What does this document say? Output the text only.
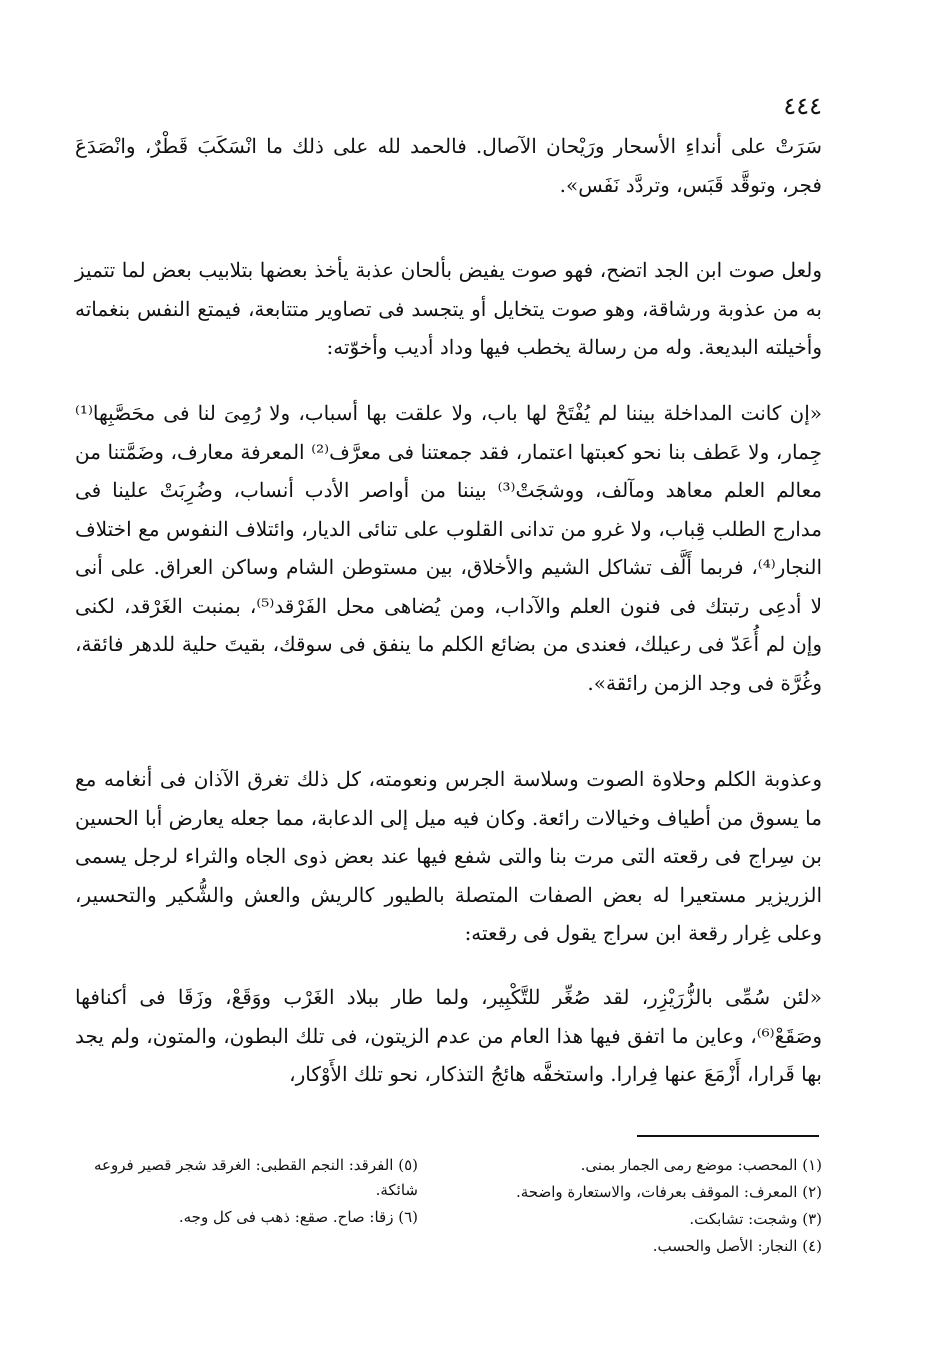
٤٤٤

سَرَتْ على أنداءِ الأسحار ورَيْحان الآصال. فالحمد لله على ذلك ما انْسَكَبَ قَطْرٌ، وانْصَدَعَ فجر، وتوقَّد قَبَس، وتردَّد نَفَس».

ولعل صوت ابن الجد اتضح، فهو صوت يفيض بألحان عذبة يأخذ بعضها بتلابيب بعض لما تتميز به من عذوبة ورشاقة، وهو صوت يتخايل أو يتجسد فى تصاوير متتابعة، فيمتع النفس بنغماته وأخيلته البديعة. وله من رسالة يخطب فيها وداد أديب وأخوّته:

«إن كانت المداخلة بيننا لم يُفْتَحْ لها باب، ولا علقت بها أسباب، ولا رُمِىَ لنا فى محَصَّبِها⁽¹⁾ جِمار، ولا عَطف بنا نحو كعبتها اعتمار، فقد جمعتنا فى معرَّف⁽²⁾ المعرفة معارف، وضَمَّتنا من معالم العلم معاهد ومآلف، ووشجَتْ⁽³⁾ بيننا من أواصر الأدب أنساب، وضُرِبَتْ علينا فى مدارج الطلب قِباب، ولا غرو من تدانى القلوب على تنائى الديار، وائتلاف النفوس مع اختلاف النجار⁽⁴⁾، فربما أَلَّف تشاكل الشيم والأخلاق، بين مستوطن الشام وساكن العراق. على أنى لا أدعِى رتبتك فى فنون العلم والآداب، ومن يُضاهى محل الفَرْقد⁽⁵⁾، بمنبت الغَرْقد، لكنى وإن لم أُعَدّ فى رعيلك، فعندى من بضائع الكلم ما ينفق فى سوقك، بقيتَ حلية للدهر فائقة، وغُرَّة فى وجد الزمن رائقة».

وعذوبة الكلم وحلاوة الصوت وسلاسة الجرس ونعومته، كل ذلك تغرق الآذان فى أنغامه مع ما يسوق من أطياف وخيالات رائعة. وكان فيه ميل إلى الدعابة، مما جعله يعارض أبا الحسين بن سِراج فى رقعته التى مرت بنا والتى شفع فيها عند بعض ذوى الجاه والثراء لرجل يسمى الزريزير مستعيرا له بعض الصفات المتصلة بالطيور كالريش والعش والشُّكير والتحسير، وعلى غِرار رقعة ابن سراج يقول فى رقعته:

«لئن سُمِّى بالزُّرَيْزِر، لقد صُغِّر للتَّكْبِير، ولما طار ببلاد الغَرْب ووَقَعْ، وزَقَا فى أكنافها وصَقَعْ⁽⁶⁾، وعاين ما اتفق فيها هذا العام من عدم الزيتون، فى تلك البطون، والمتون، ولم يجد بها قَرارا، أَزْمَعَ عنها فِرارا. واستخفَّه هائجُ التذكار، نحو تلك الأَوْكار،

(١) المحصب: موضع رمى الجمار بمنى.
(٢) المعرف: الموقف بعرفات، والاستعارة واضحة.
(٣) وشجت: تشابكت.
(٤) النجار: الأصل والحسب.
(٥) الفرقد: النجم القطبى: الغرقد شجر قصير فروعه شائكة.
(٦) زقا: صاح. صقع: ذهب فى كل وجه.
